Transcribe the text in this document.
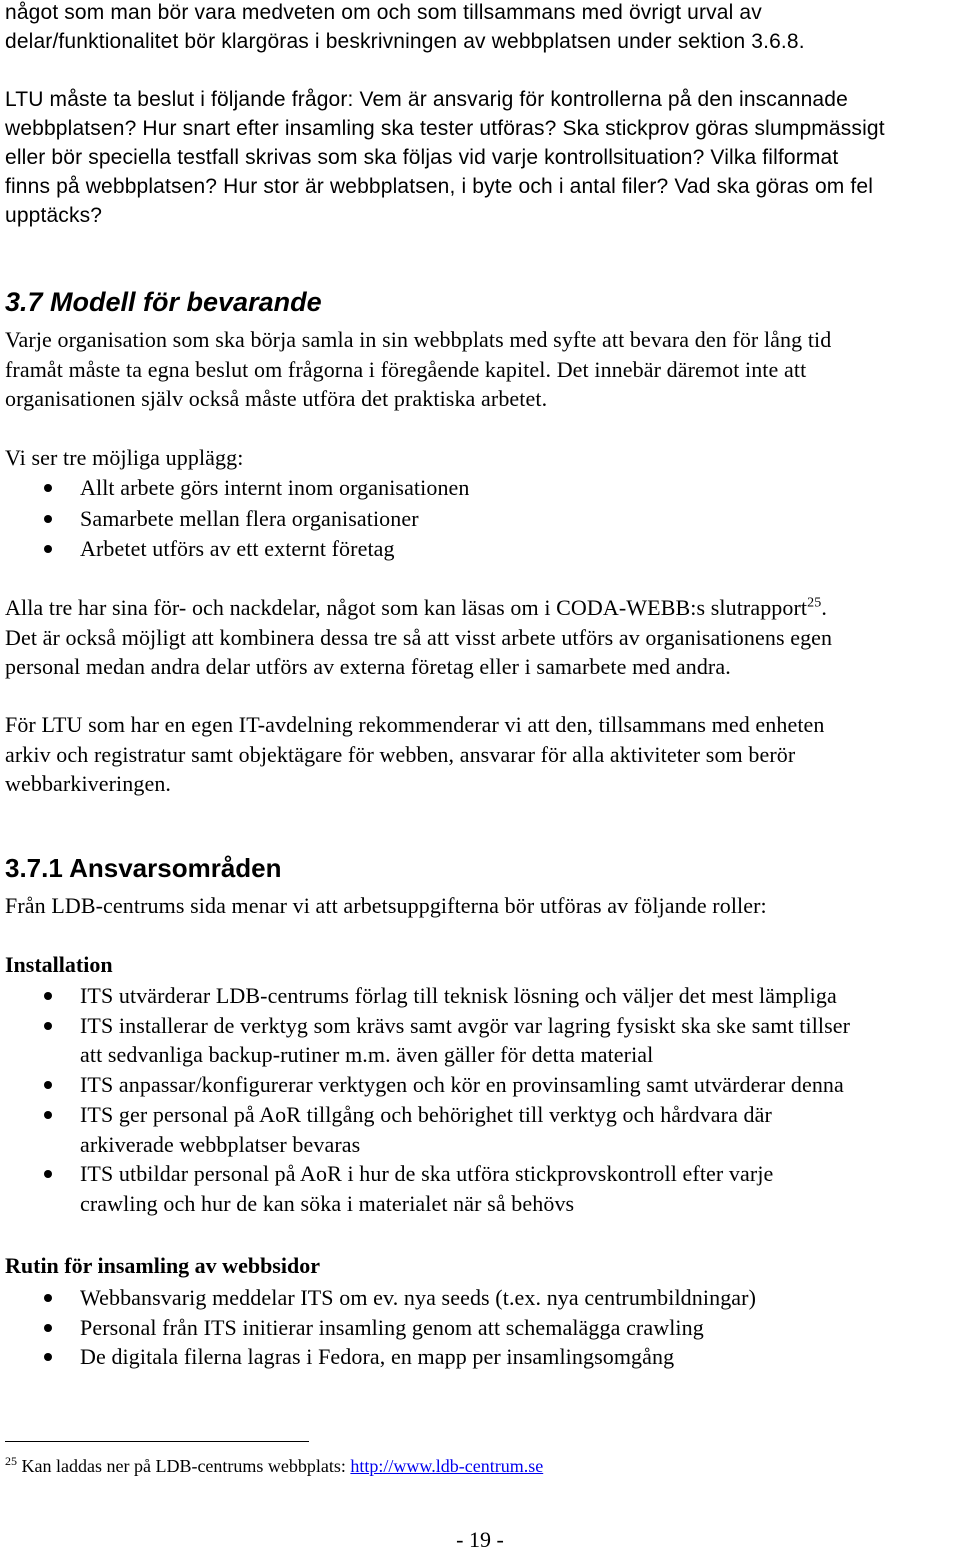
något som man bör vara medveten om och som tillsammans med övrigt urval av

delar/funktionalitet bör klargöras i beskrivningen av webbplatsen under sektion 3.6.8.

LTU måste ta beslut i följande frågor: Vem är ansvarig för kontrollerna på den inscannade

webbplatsen? Hur snart efter insamling ska tester utföras? Ska stickprov göras slumpmässigt

eller bör speciella testfall skrivas som ska följas vid varje kontrollsituation? Vilka filformat

finns på webbplatsen? Hur stor är webbplatsen, i byte och i antal filer? Vad ska göras om fel

upptäcks?

3.7 Modell för bevarande

Varje organisation som ska börja samla in sin webbplats med syfte att bevara den för lång tid

framåt måste ta egna beslut om frågorna i föregående kapitel. Det innebär däremot inte att

organisationen själv också måste utföra det praktiska arbetet.

Vi ser tre möjliga upplägg:
Allt arbete görs internt inom organisationen
Samarbete mellan flera organisationer
Arbetet utförs av ett externt företag

Alla tre har sina för- och nackdelar, något som kan läsas om i CODA-WEBB:s slutrapport$^{25}$.

Det är också möjligt att kombinera dessa tre så att visst arbete utförs av organisationens egen

personal medan andra delar utförs av externa företag eller i samarbete med andra.

För LTU som har en egen IT-avdelning rekommenderar vi att den, tillsammans med enheten

arkiv och registratur samt objektägare för webben, ansvarar för alla aktiviteter som berör

webbarkiveringen.

3.7.1 Ansvarsområden
Från LDB-centrums sida menar vi att arbetsuppgifterna bör utföras av följande roller:
Installation
ITS utvärderar LDB-centrums förlag till teknisk lösning och väljer det mest lämpliga
ITS installerar de verktyg som krävs samt avgör var lagring fysiskt ska ske samt tillser
att sedvanliga backup-rutiner m.m. även gäller för detta material
ITS anpassar/konfigurerar verktygen och kör en provinsamling samt utvärderar denna
ITS ger personal på AoR tillgång och behörighet till verktyg och hårdvara där
arkiverade webbplatser bevaras
ITS utbildar personal på AoR i hur de ska utföra stickprovskontroll efter varje
crawling och hur de kan söka i materialet när så behövs
Rutin för insamling av webbsidor
Webbansvarig meddelar ITS om ev. nya seeds (t.ex. nya centrumbildningar)
Personal från ITS initierar insamling genom att schemalägga crawling
De digitala filerna lagras i Fedora, en mapp per insamlingsomgång
$^{25}$ Kan laddas ner på LDB-centrums webbplats: http://www.ldb-centrum.se
- 19 -
